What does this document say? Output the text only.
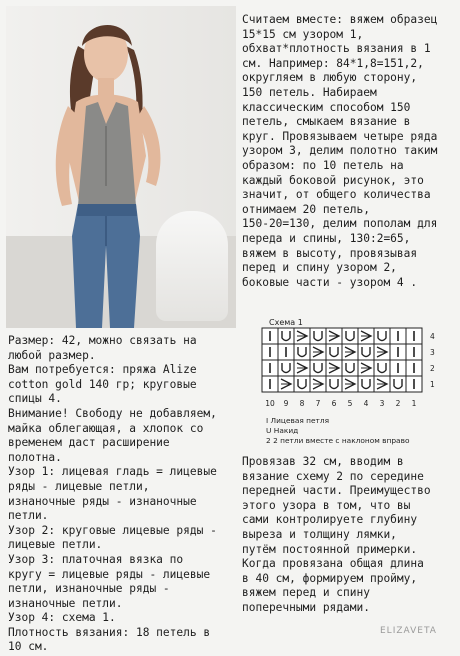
Считаем вместе: вяжем образец
15*15 см узором 1,
обхват*плотность вязания в 1
см. Например: 84*1,8=151,2,
округляем в любую сторону,
150 петель. Набираем
классическим способом 150
петель, смыкаем вязание в
круг. Провязываем четыре ряда
узором 3, делим полотно таким
образом: по 10 петель на
каждый боковой рисунок, это
значит, от общего количества
отнимаем 20 петель,
150-20=130, делим пополам для
переда и спины, 130:2=65,
вяжем в высоту, провязывая
перед и спину узором 2,
боковые части - узором 4 .
Схема 1
4
3
2
1
10 9 8 7 6 5 4 3 2 1
I Лицевая петля
U Накид
2 2 петли вместе с наклоном вправо
Размер: 42, можно связать на
любой размер.
Вам потребуется: пряжа Alize
cotton gold 140 гр; круговые
спицы 4.
Внимание! Свободу не добавляем,
майка облегающая, а хлопок со
временем даст расширение
полотна.
Узор 1: лицевая гладь = лицевые
ряды - лицевые петли,
изнаночные ряды - изнаночные
петли.
Узор 2: круговые лицевые ряды -
лицевые петли.
Узор 3: платочная вязка по
кругу = лицевые ряды - лицевые
петли, изнаночные ряды -
изнаночные петли.
Узор 4: схема 1.
Плотность вязания: 18 петель в
10 см.
Провязав 32 см, вводим в
вязание схему 2 по середине
передней части. Преимущество
этого узора в том, что вы
сами контролируете глубину
выреза и толщину лямки,
путём постоянной примерки.
Когда провязана общая длина
в 40 см, формируем пройму,
вяжем перед и спину
поперечными рядами.
ELIZAVETA
